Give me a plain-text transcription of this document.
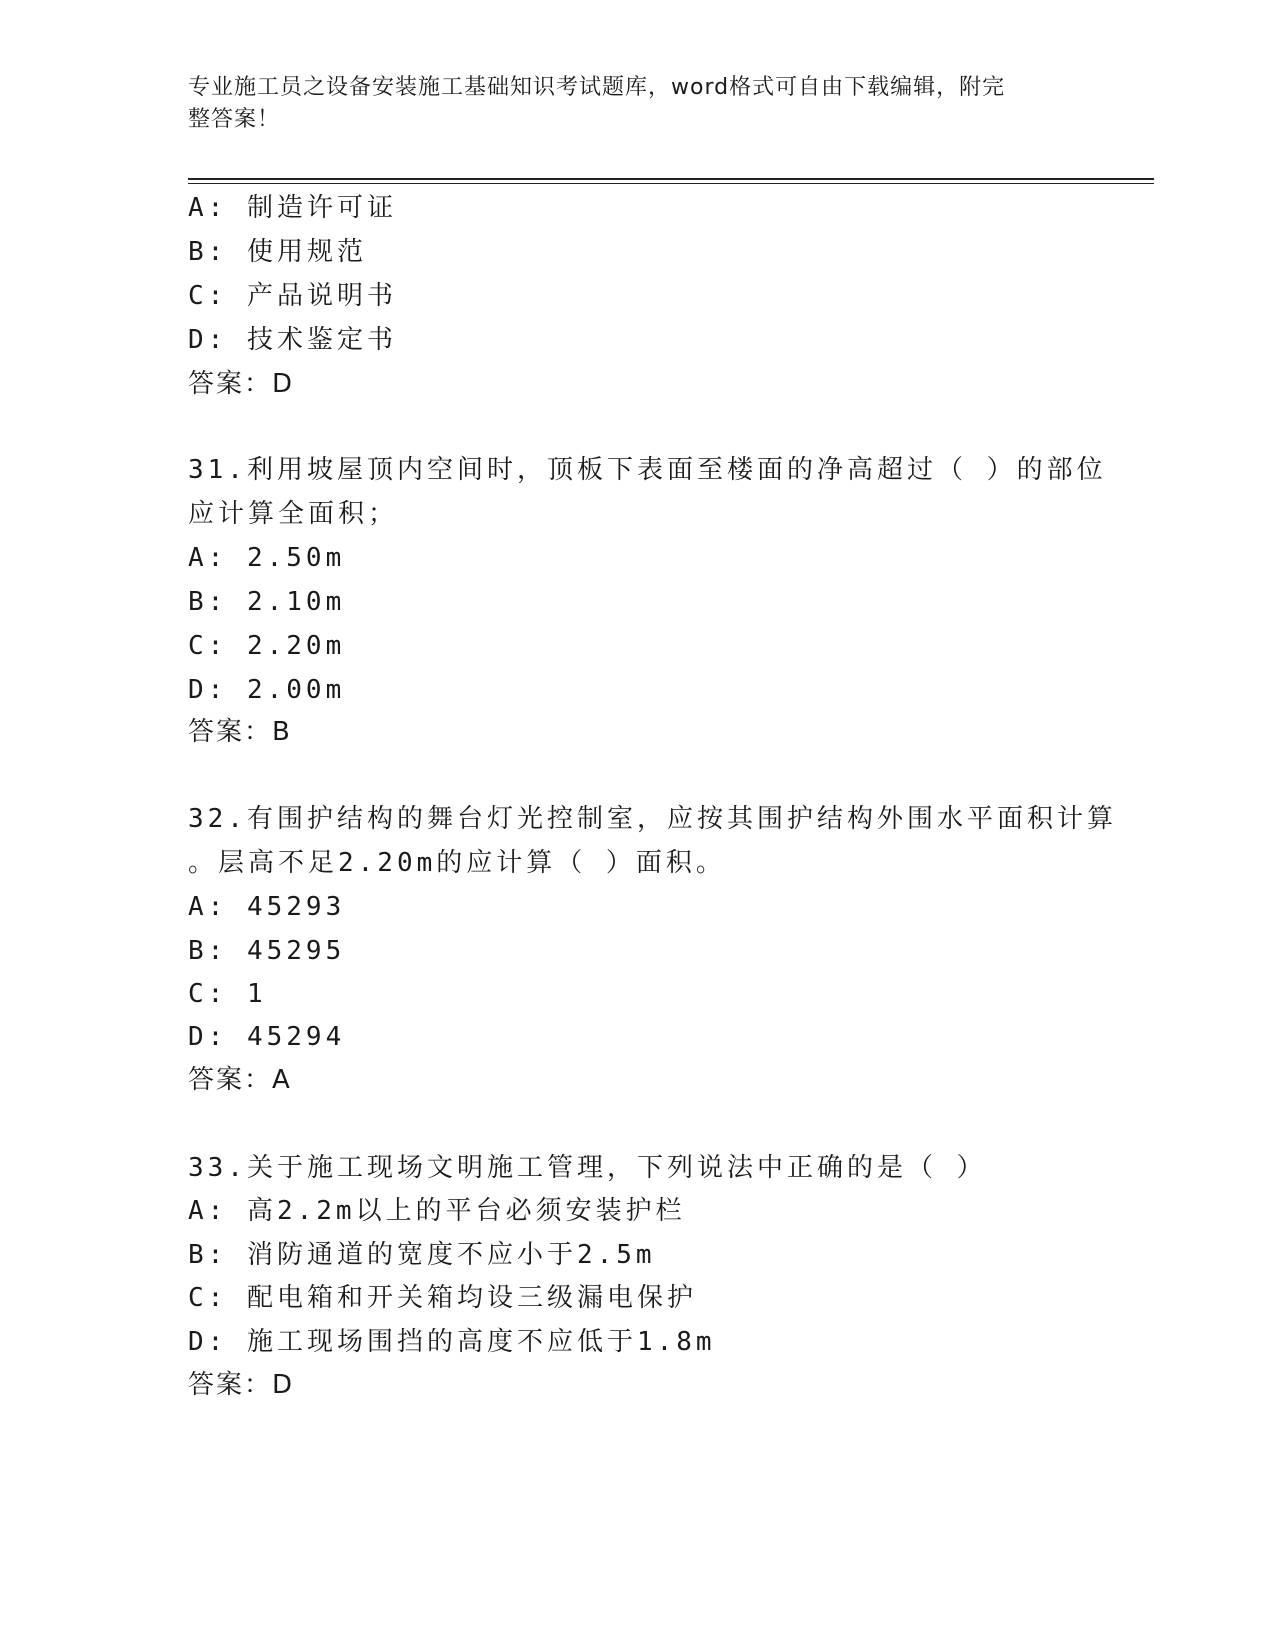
专业施工员之设备安装施工基础知识考试题库，word格式可自由下载编辑，附完
整答案！
A: 制造许可证
B: 使用规范
C: 产品说明书
D: 技术鉴定书
答案：D
31.利用坡屋顶内空间时，顶板下表面至楼面的净高超过（ ）的部位
应计算全面积；
A: 2.50m
B: 2.10m
C: 2.20m
D: 2.00m
答案：B
32.有围护结构的舞台灯光控制室，应按其围护结构外围水平面积计算
。层高不足2.20m的应计算（ ）面积。
A: 45293
B: 45295
C: 1
D: 45294
答案：A
33.关于施工现场文明施工管理，下列说法中正确的是（ ）
A: 高2.2m以上的平台必须安装护栏
B: 消防通道的宽度不应小于2.5m
C: 配电箱和开关箱均设三级漏电保护
D: 施工现场围挡的高度不应低于1.8m
答案：D
